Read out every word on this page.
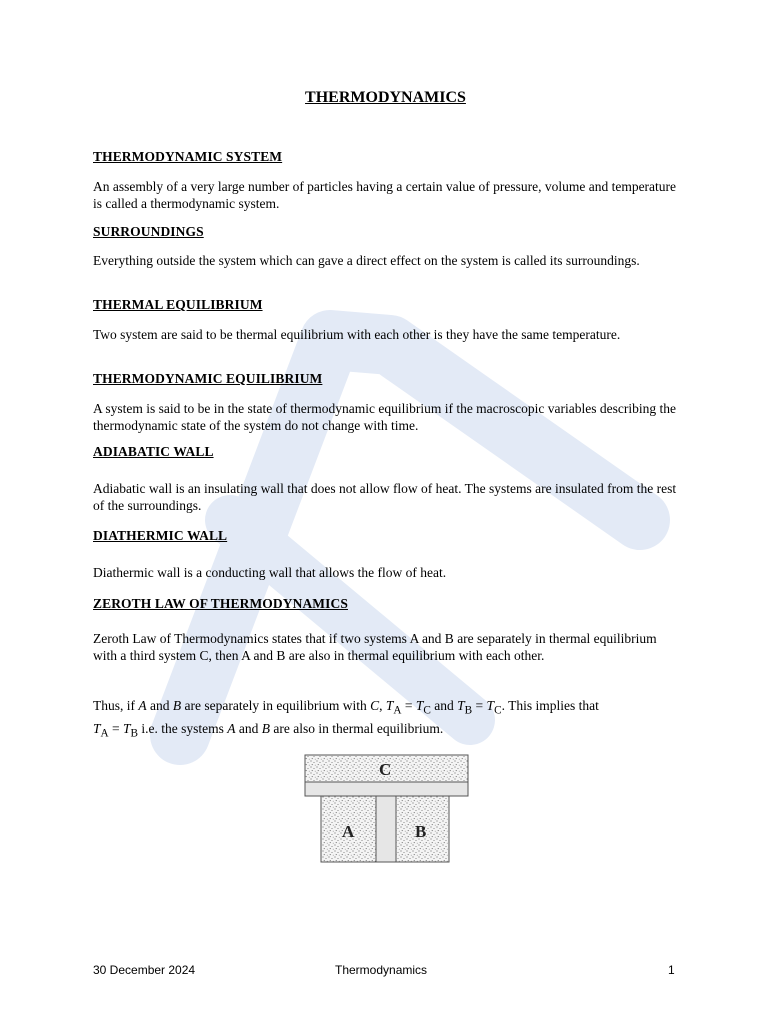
THERMODYNAMICS
THERMODYNAMIC SYSTEM

An assembly of a very large number of particles having a certain value of pressure, volume and temperature is called a thermodynamic system.

SURROUNDINGS

Everything outside the system which can gave a direct effect on the system is called its surroundings.

THERMAL EQUILIBRIUM

Two system are said to be thermal equilibrium with each other is they have the same temperature.

THERMODYNAMIC EQUILIBRIUM

A system is said to be in the state of thermodynamic equilibrium if the macroscopic variables describing the thermodynamic state of the system do not change with time.

ADIABATIC WALL

Adiabatic wall is an insulating wall that does not allow flow of heat. The systems are insulated from the rest of the surroundings.

DIATHERMIC WALL

Diathermic wall is a conducting wall that allows the flow of heat.

ZEROTH LAW OF THERMODYNAMICS

Zeroth Law of Thermodynamics states that if two systems A and B are separately in thermal equilibrium with a third system C, then A and B are also in thermal equilibrium with each other.

Thus, if A and B are separately in equilibrium with C, $T_A = T_C$ and $T_B = T_C$. This implies that
$T_A = T_B$ i.e. the systems A and B are also in thermal equilibrium.

C
A	B
30 December 2024	Thermodynamics	1
